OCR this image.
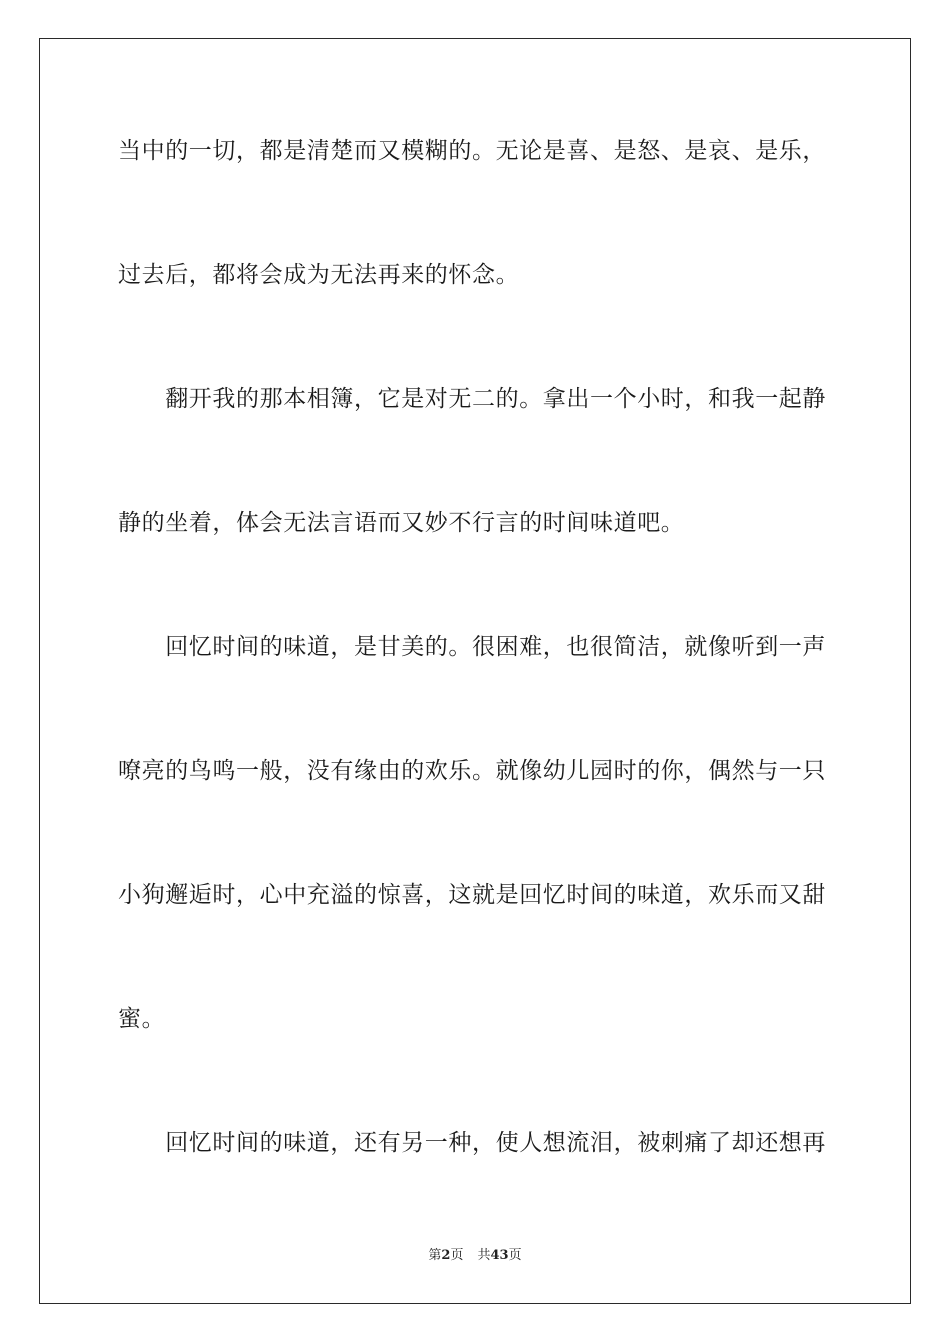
当中的一切，都是清楚而又模糊的。无论是喜、是怒、是哀、是乐，
过去后，都将会成为无法再来的怀念。
　　翻开我的那本相簿，它是对无二的。拿出一个小时，和我一起静
静的坐着，体会无法言语而又妙不行言的时间味道吧。
　　回忆时间的味道，是甘美的。很困难，也很简洁，就像听到一声
嘹亮的鸟鸣一般，没有缘由的欢乐。就像幼儿园时的你，偶然与一只
小狗邂逅时，心中充溢的惊喜，这就是回忆时间的味道，欢乐而又甜
蜜。
　　回忆时间的味道，还有另一种，使人想流泪，被刺痛了却还想再
第2页 共43页
